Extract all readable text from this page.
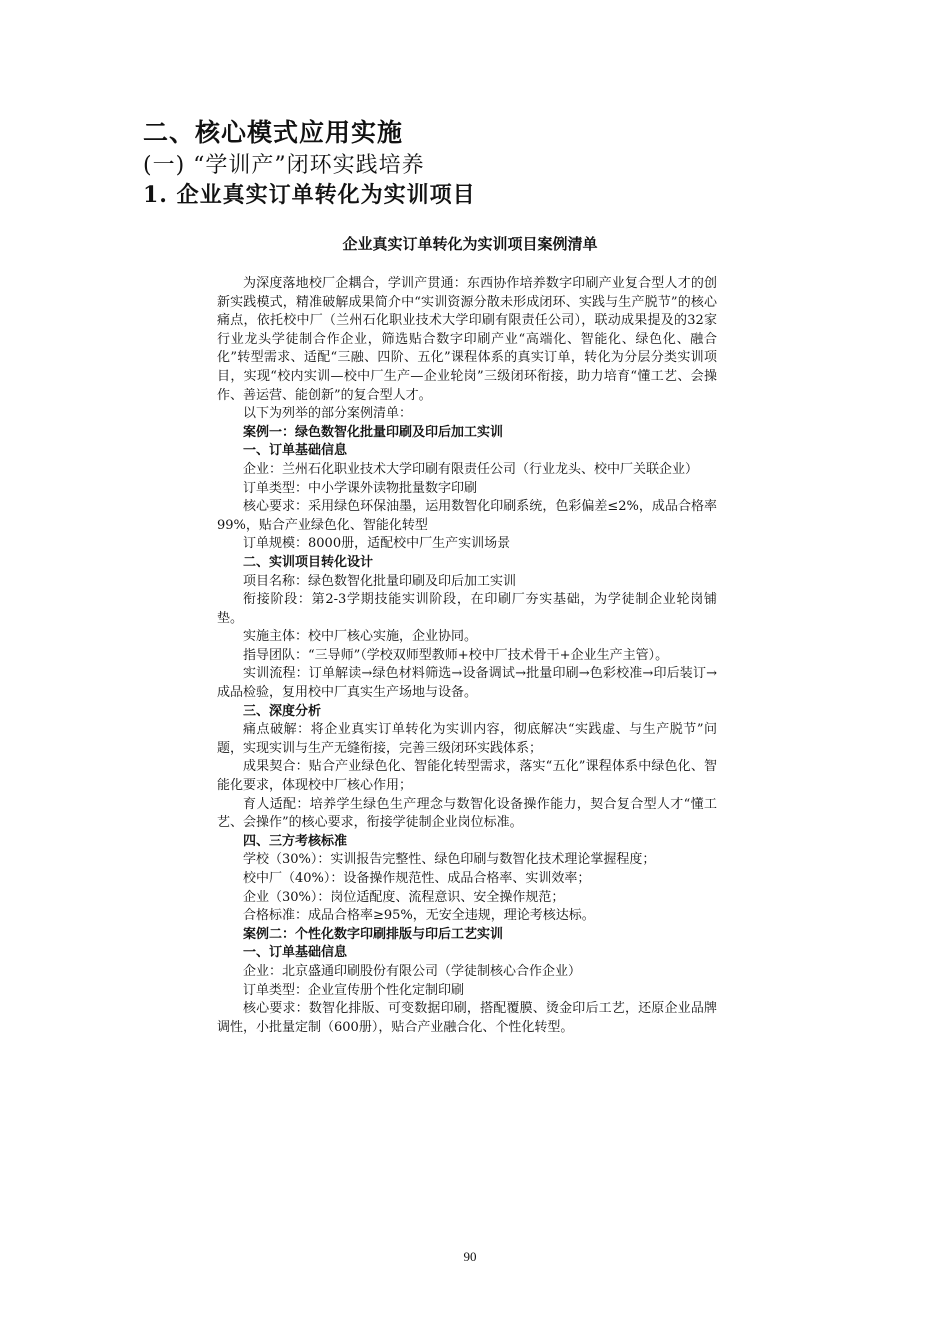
二、核心模式应用实施
(一) “学训产”闭环实践培养
1. 企业真实订单转化为实训项目
企业真实订单转化为实训项目案例清单

为深度落地校厂企耦合，学训产贯通：东西协作培养数字印刷产业复合型人才的创新实践模式，精准破解成果简介中“实训资源分散未形成闭环、实践与生产脱节”的核心痛点，依托校中厂（兰州石化职业技术大学印刷有限责任公司），联动成果提及的32家行业龙头学徒制合作企业，筛选贴合数字印刷产业“高端化、智能化、绿色化、融合化”转型需求、适配“三融、四阶、五化”课程体系的真实订单，转化为分层分类实训项目，实现“校内实训—校中厂生产—企业轮岗”三级闭环衔接，助力培育“懂工艺、会操作、善运营、能创新”的复合型人才。

以下为列举的部分案例清单：

案例一：绿色数智化批量印刷及印后加工实训

一、订单基础信息

企业：兰州石化职业技术大学印刷有限责任公司（行业龙头、校中厂关联企业）

订单类型：中小学课外读物批量数字印刷

核心要求：采用绿色环保油墨，运用数智化印刷系统，色彩偏差≤2%，成品合格率99%，贴合产业绿色化、智能化转型

订单规模：8000册，适配校中厂生产实训场景

二、实训项目转化设计

项目名称：绿色数智化批量印刷及印后加工实训

衔接阶段：第2-3学期技能实训阶段，在印刷厂夯实基础，为学徒制企业轮岗铺垫。

实施主体：校中厂核心实施，企业协同。

指导团队：“三导师”（学校双师型教师+校中厂技术骨干+企业生产主管）。

实训流程：订单解读→绿色材料筛选→设备调试→批量印刷→色彩校准→印后装订→成品检验，复用校中厂真实生产场地与设备。

三、深度分析

痛点破解：将企业真实订单转化为实训内容，彻底解决“实践虚、与生产脱节”问题，实现实训与生产无缝衔接，完善三级闭环实践体系；

成果契合：贴合产业绿色化、智能化转型需求，落实“五化”课程体系中绿色化、智能化要求，体现校中厂核心作用；

育人适配：培养学生绿色生产理念与数智化设备操作能力，契合复合型人才“懂工艺、会操作”的核心要求，衔接学徒制企业岗位标准。

四、三方考核标准

学校（30%）：实训报告完整性、绿色印刷与数智化技术理论掌握程度；

校中厂（40%）：设备操作规范性、成品合格率、实训效率；

企业（30%）：岗位适配度、流程意识、安全操作规范；

合格标准：成品合格率≥95%，无安全违规，理论考核达标。

案例二：个性化数字印刷排版与印后工艺实训

一、订单基础信息

企业：北京盛通印刷股份有限公司（学徒制核心合作企业）

订单类型：企业宣传册个性化定制印刷

核心要求：数智化排版、可变数据印刷，搭配覆膜、烫金印后工艺，还原企业品牌调性，小批量定制（600册），贴合产业融合化、个性化转型。

90
